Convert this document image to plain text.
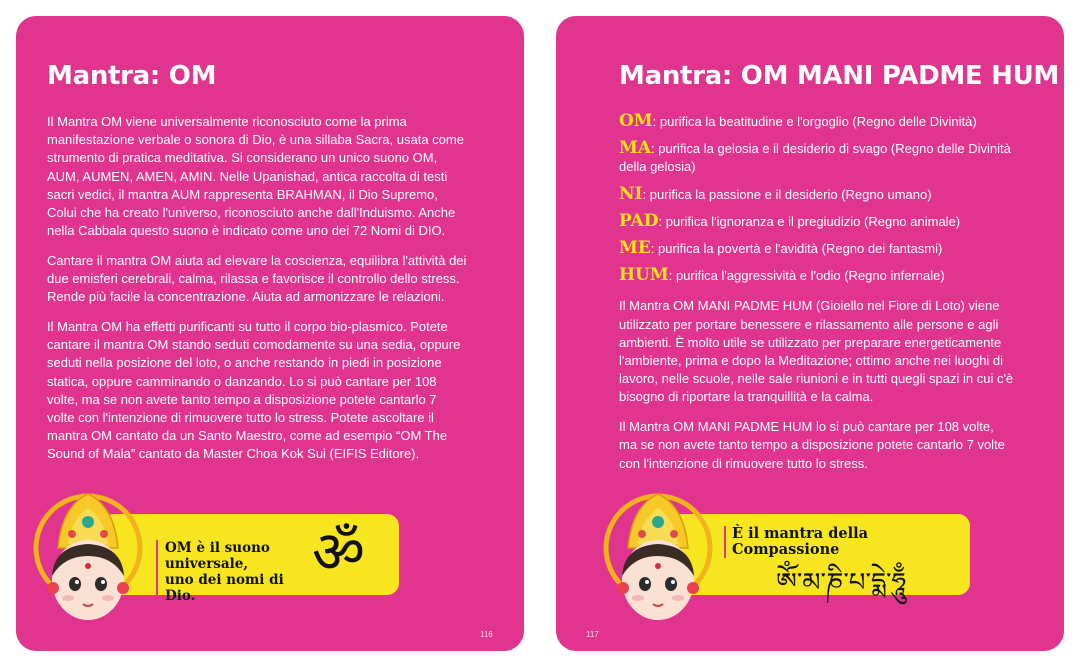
Mantra: OM

Il Mantra OM viene universalmente riconosciuto come la prima manifestazione verbale o sonora di Dio, è una sillaba Sacra, usata come strumento di pratica meditativa. Si considerano un unico suono OM, AUM, AUMEN, AMEN, AMIN. Nelle Upanishad, antica raccolta di testi sacri vedici, il mantra AUM rappresenta BRAHMAN, il Dio Supremo, Colui che ha creato l'universo, riconosciuto anche dall'Induismo. Anche nella Cabbala questo suono è indicato come uno dei 72 Nomi di DIO.

Cantare il mantra OM aiuta ad elevare la coscienza, equilibra l'attività dei due emisferi cerebrali, calma, rilassa e favorisce il controllo dello stress. Rende più facile la concentrazione. Aiuta ad armonizzare le relazioni.

Il Mantra OM ha effetti purificanti su tutto il corpo bio-plasmico. Potete cantare il mantra OM stando seduti comodamente su una sedia, oppure seduti nella posizione del loto, o anche restando in piedi in posizione statica, oppure camminando o danzando. Lo si può cantare per 108 volte, ma se non avete tanto tempo a disposizione potete cantarlo 7 volte con l'intenzione di rimuovere tutto lo stress. Potete ascoltare il mantra OM cantato da un Santo Maestro, come ad esempio “OM The Sound of Mala” cantato da Master Choa Kok Sui (EIFIS Editore).

OM è il suono
universale,
uno dei nomi di Dio.
ॐ
116
Mantra: OM MANI PADME HUM
OM: purifica la beatitudine e l'orgoglio (Regno delle Divinità)
MA: purifica la gelosia e il desiderio di svago (Regno delle Divinità della gelosia)
NI: purifica la passione e il desiderio (Regno umano)
PAD: purifica l'ignoranza e il pregiudizio (Regno animale)
ME: purifica la povertà e l'avidità (Regno dei fantasmi)
HUM: purifica l'aggressività e l'odio (Regno infernale)

Il Mantra OM MANI PADME HUM (Gioiello nel Fiore di Loto) viene utilizzato per portare benessere e rilassamento alle persone e agli ambienti. È molto utile se utilizzato per preparare energeticamente l'ambiente, prima e dopo la Meditazione; ottimo anche nei luoghi di lavoro, nelle scuole, nelle sale riunioni e in tutti quegli spazi in cui c'è bisogno di riportare la tranquillità e la calma.

Il Mantra OM MANI PADME HUM lo si può cantare per 108 volte, ma se non avete tanto tempo a disposizione potete cantarlo 7 volte con l'intenzione di rimuovere tutto lo stress.

È il mantra della Compassione
ༀ་མ་ཎི་པ་དྨེ་ཧཱུྃ
117
